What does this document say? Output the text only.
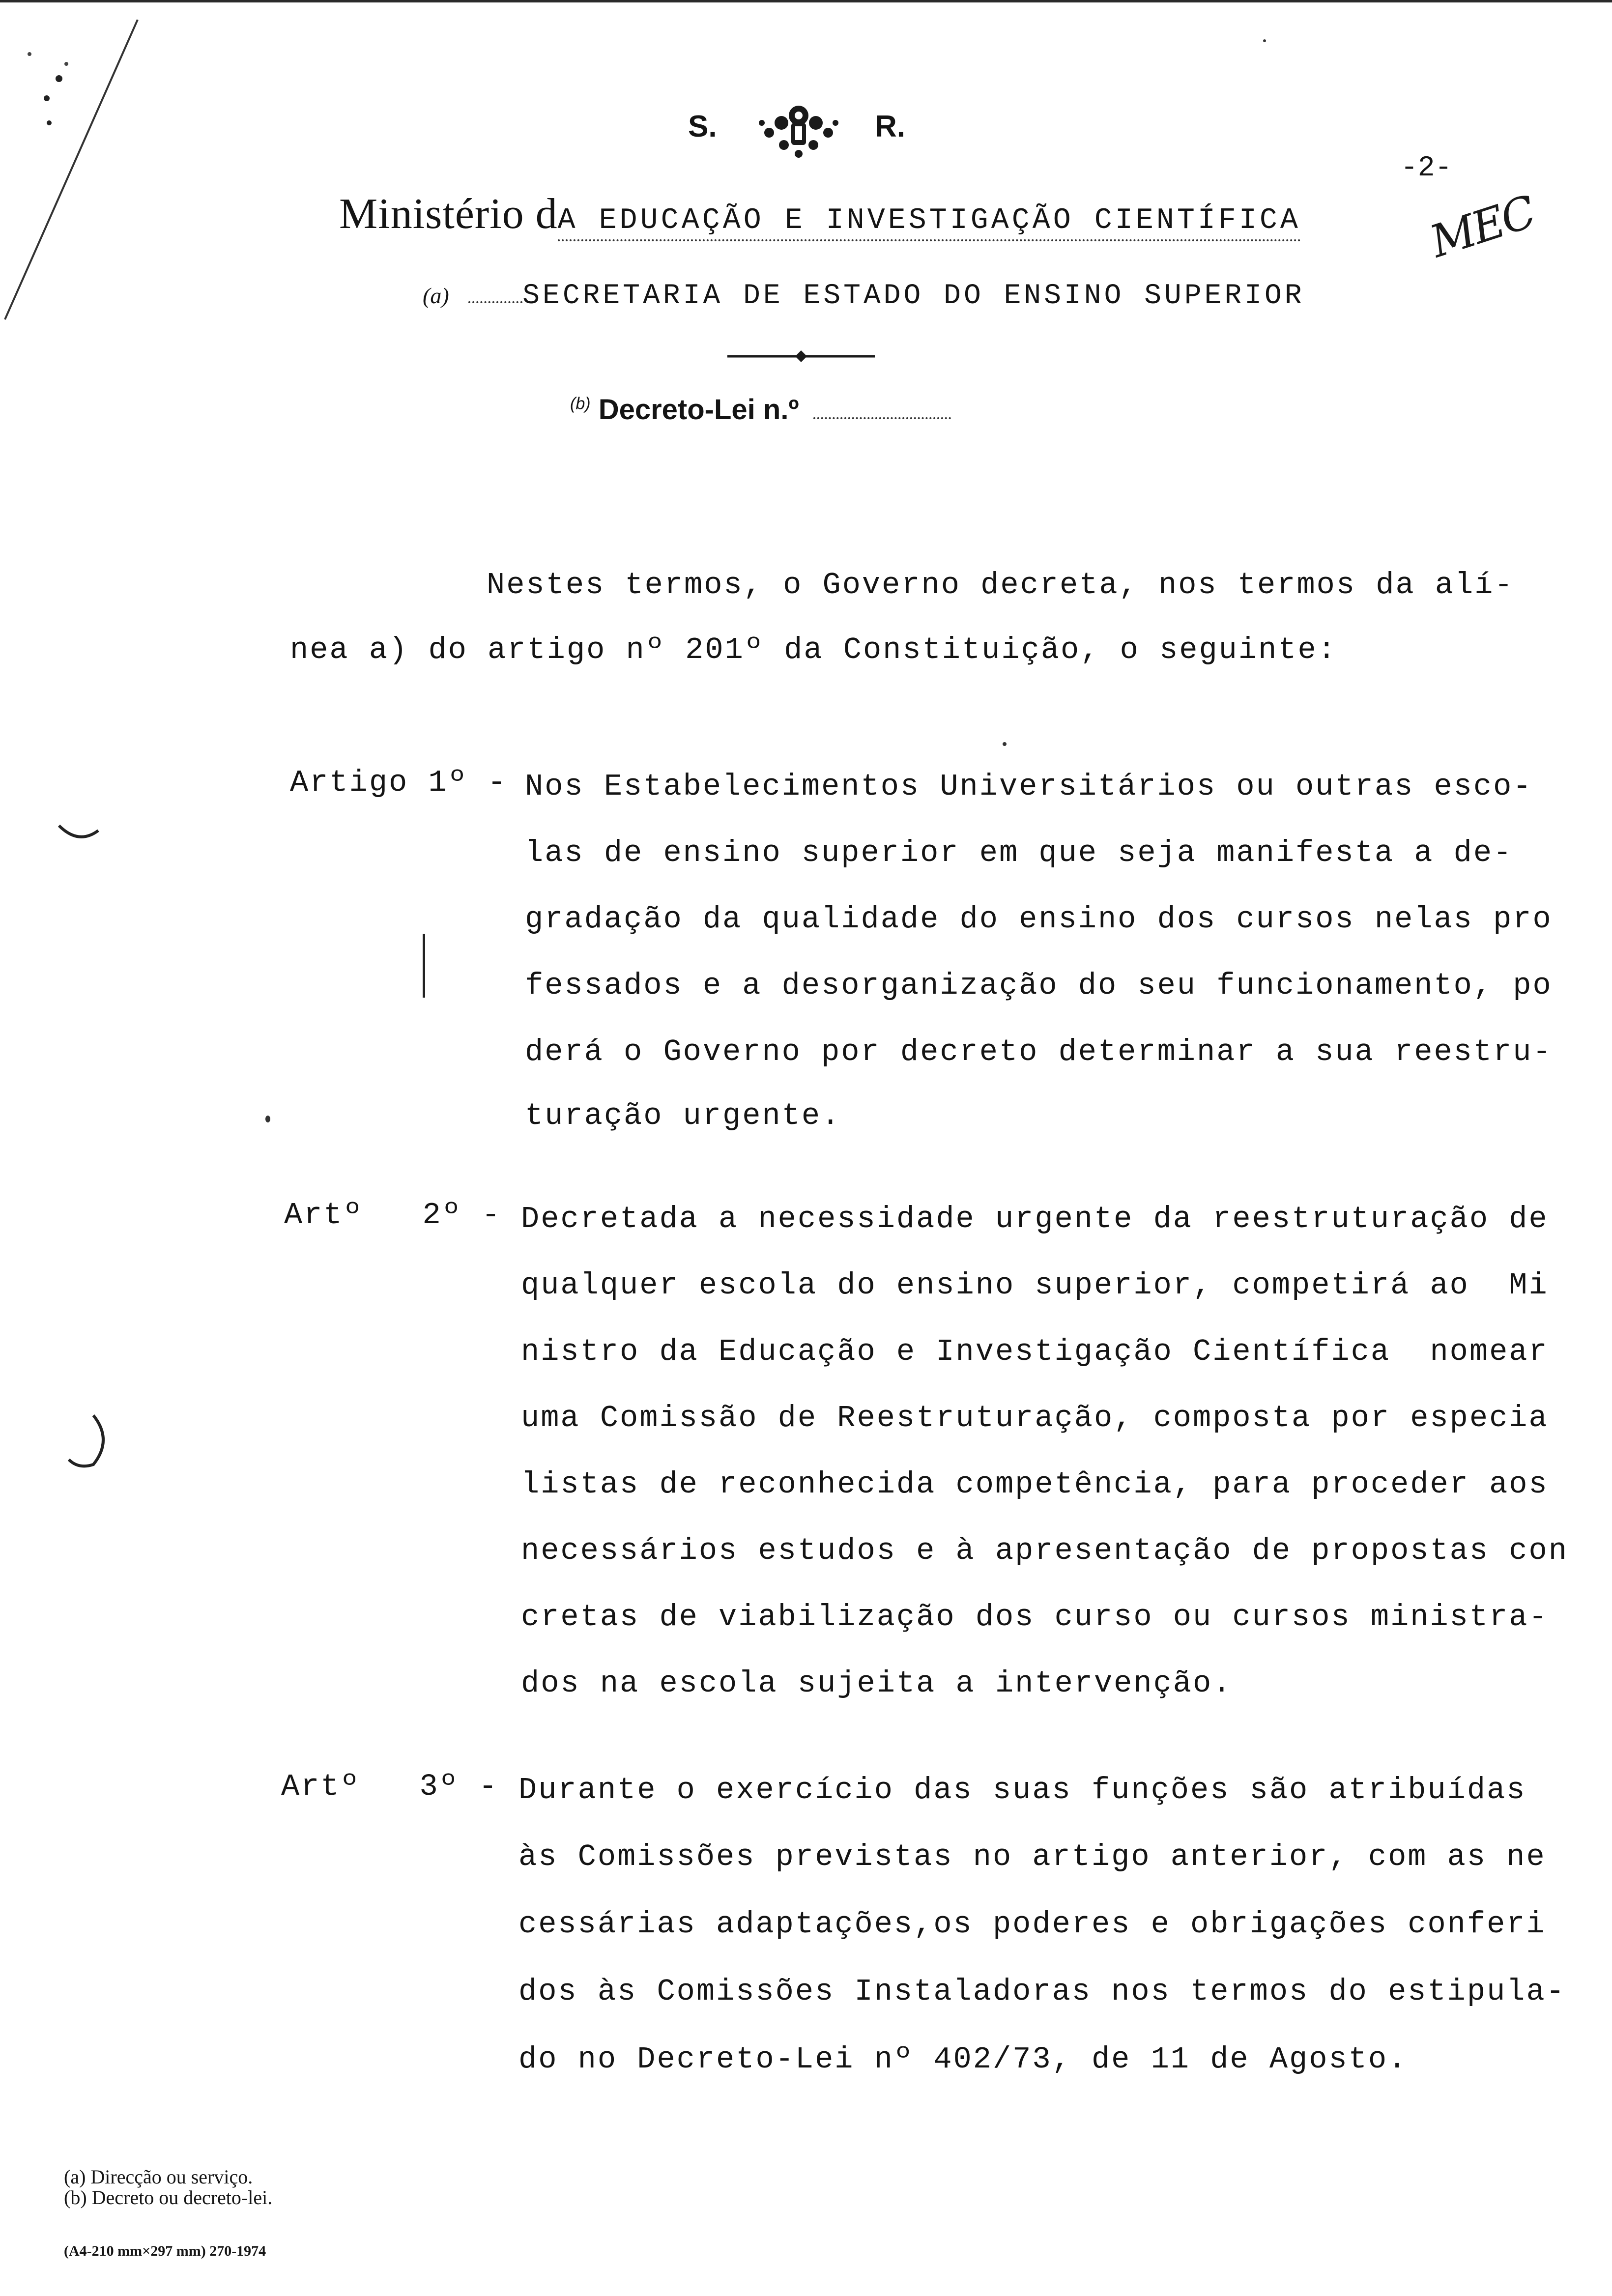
S.	R.
-2-
MEC
Ministério dA EDUCAÇÃO E INVESTIGAÇÃO CIENTÍFICA
(a)	SECRETARIA DE ESTADO DO ENSINO SUPERIOR
$^{(b)}$ Decreto-Lei n.º
Nestes termos, o Governo decreta, nos termos da alí-
nea a) do artigo nº 201º da Constituição, o seguinte:
Artigo 1º - Nos Estabelecimentos Universitários ou outras esco-
las de ensino superior em que seja manifesta a de-
gradação da qualidade do ensino dos cursos nelas pro
fessados e a desorganização do seu funcionamento, po
derá o Governo por decreto determinar a sua reestru-
turação urgente.
Artº   2º - Decretada a necessidade urgente da reestruturação de
qualquer escola do ensino superior, competirá ao  Mi
nistro da Educação e Investigação Científica  nomear
uma Comissão de Reestruturação, composta por especia
listas de reconhecida competência, para proceder aos
necessários estudos e à apresentação de propostas con
cretas de viabilização dos curso ou cursos ministra-
dos na escola sujeita a intervenção.
Artº   3º - Durante o exercício das suas funções são atribuídas
às Comissões previstas no artigo anterior, com as ne
cessárias adaptações,os poderes e obrigações conferi
dos às Comissões Instaladoras nos termos do estipula-
do no Decreto-Lei nº 402/73, de 11 de Agosto.
(a) Direcção ou serviço.
(b) Decreto ou decreto-lei.
(A4-210 mm×297 mm) 270-1974
